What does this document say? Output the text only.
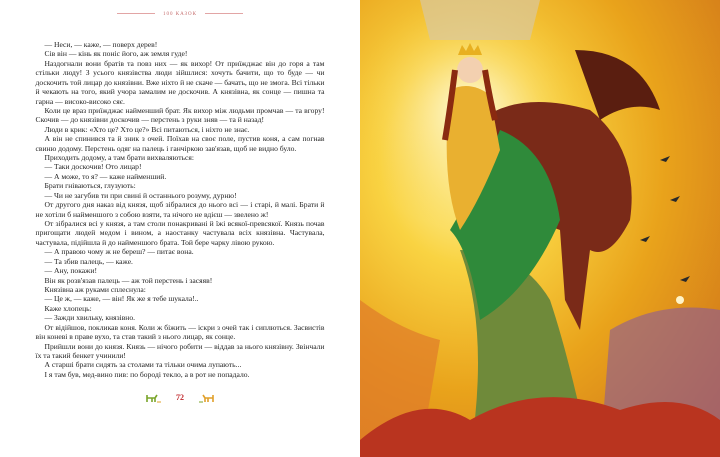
100 КАЗОК

— Неси, — каже, — поверх дерев!

Сів він — кінь як поніс його, аж земля гуде!

Наздогнали вони братів та повз них — як вихор! От приїжджає він до горя а там стільки люду! З усього князівства люди зійшлися: хочуть бачити, що то буде — чи доскочить той лицар до князівни. Вже ніхто й не скаче — бачать, що не змога. Всі тільки й чекають на того, який учора замалим не доскочив. А князівна, як сонце — пишна та гарна — високо-високо сяє.

Коли це враз приїжджає найменший брат. Як вихор між людьми промчав — та вгору! Скочив — до князівни доскочив — перстень з руки зняв — та й назад!

Люди в крик: «Хто це? Хто це?» Всі питаються, і ніхто не знає.

А він не спинився та й зник з очей. Поїхав на своє поле, пустив коня, а сам погнав свиню додому. Перстень одяг на палець і ганчіркою зав'язав, щоб не видно було.

Приходить додому, а там брати вихваляються:

— Таки доскочив! Ото лицар!

— А може, то я? — каже найменший.

Брати гніваються, глузують:

— Чи не загубив ти при свині й останнього розуму, дурню!

От другого дня наказ від князя, щоб зібралися до нього всі — і старі, й малі. Брати й не хотіли б найменшого з собою взяти, та нічого не вдієш — звелено ж!

От зібралися всі у князя, а там столи понакривані й їжі всякої-превсякої. Князь почав пригощати людей медом і вином, а наостанку частувала всіх князівна. Частувала, частувала, підійшла й до найменшого брата. Той бере чарку лівою рукою.

— А правою чому ж не береш? — питає вона.

— Та збив палець, — каже.

— Ану, покажи!

Він як розв'язав палець — аж той перстень і засяяв!

Князівна аж руками сплеснула:

— Це ж, — каже, — він! Як же я тебе шукала!..

Каже хлопець:

— Зажди хвильку, князівно.

От відійшов, покликав коня. Коли ж біжить — іскри з очей так і сиплються. Засвистів він коневі в праве вухо, та став такий з нього лицар, як сонце.

Прийшли вони до князя. Князь — нічого робити — віддав за нього князівну. Звінчали їх та такий бенкет учинили!

А старші брати сидять за столами та тільки очима лупають...

І я там був, мед-вино пив: по бороді текло, а в рот не попадало.

72
